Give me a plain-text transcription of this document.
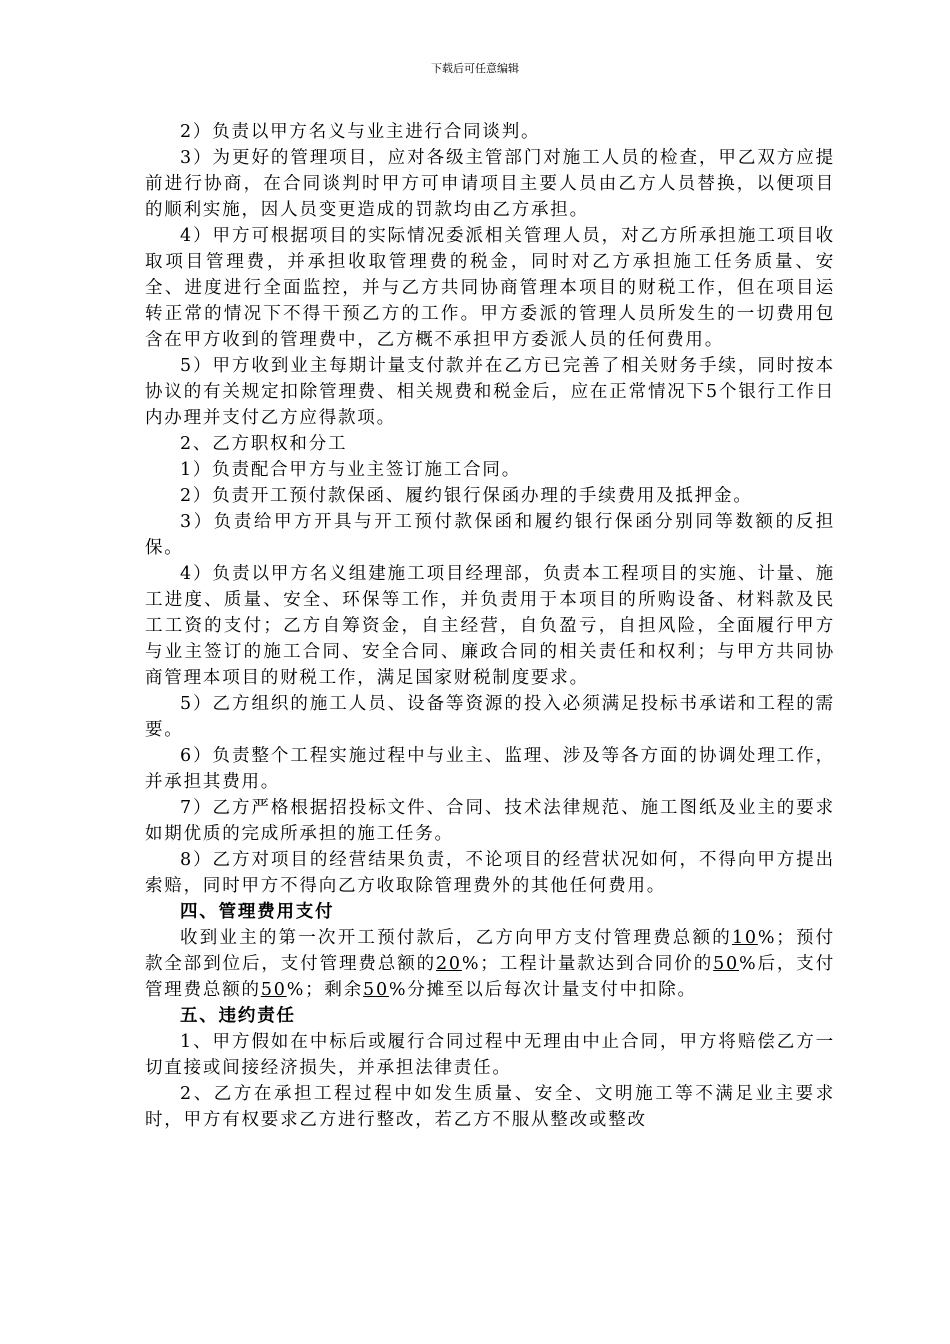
下载后可任意编辑

2）负责以甲方名义与业主进行合同谈判。

3）为更好的管理项目，应对各级主管部门对施工人员的检查，甲乙双方应提前进行协商，在合同谈判时甲方可申请项目主要人员由乙方人员替换，以便项目的顺利实施，因人员变更造成的罚款均由乙方承担。

4）甲方可根据项目的实际情况委派相关管理人员，对乙方所承担施工项目收取项目管理费，并承担收取管理费的税金，同时对乙方承担施工任务质量、安全、进度进行全面监控，并与乙方共同协商管理本项目的财税工作，但在项目运转正常的情况下不得干预乙方的工作。甲方委派的管理人员所发生的一切费用包含在甲方收到的管理费中，乙方概不承担甲方委派人员的任何费用。

5）甲方收到业主每期计量支付款并在乙方已完善了相关财务手续，同时按本协议的有关规定扣除管理费、相关规费和税金后，应在正常情况下5个银行工作日内办理并支付乙方应得款项。

2、乙方职权和分工

1）负责配合甲方与业主签订施工合同。

2）负责开工预付款保函、履约银行保函办理的手续费用及抵押金。

3）负责给甲方开具与开工预付款保函和履约银行保函分别同等数额的反担保。

4）负责以甲方名义组建施工项目经理部，负责本工程项目的实施、计量、施工进度、质量、安全、环保等工作，并负责用于本项目的所购设备、材料款及民工工资的支付；乙方自筹资金，自主经营，自负盈亏，自担风险，全面履行甲方与业主签订的施工合同、安全合同、廉政合同的相关责任和权利；与甲方共同协商管理本项目的财税工作，满足国家财税制度要求。

5）乙方组织的施工人员、设备等资源的投入必须满足投标书承诺和工程的需要。

6）负责整个工程实施过程中与业主、监理、涉及等各方面的协调处理工作，并承担其费用。

7）乙方严格根据招投标文件、合同、技术法律规范、施工图纸及业主的要求如期优质的完成所承担的施工任务。

8）乙方对项目的经营结果负责，不论项目的经营状况如何，不得向甲方提出索赔，同时甲方不得向乙方收取除管理费外的其他任何费用。

四、管理费用支付

收到业主的第一次开工预付款后，乙方向甲方支付管理费总额的10%；预付款全部到位后，支付管理费总额的20%；工程计量款达到合同价的50%后，支付管理费总额的50%；剩余50%分摊至以后每次计量支付中扣除。

五、违约责任

1、甲方假如在中标后或履行合同过程中无理由中止合同，甲方将赔偿乙方一切直接或间接经济损失，并承担法律责任。

2、乙方在承担工程过程中如发生质量、安全、文明施工等不满足业主要求时，甲方有权要求乙方进行整改，若乙方不服从整改或整改
